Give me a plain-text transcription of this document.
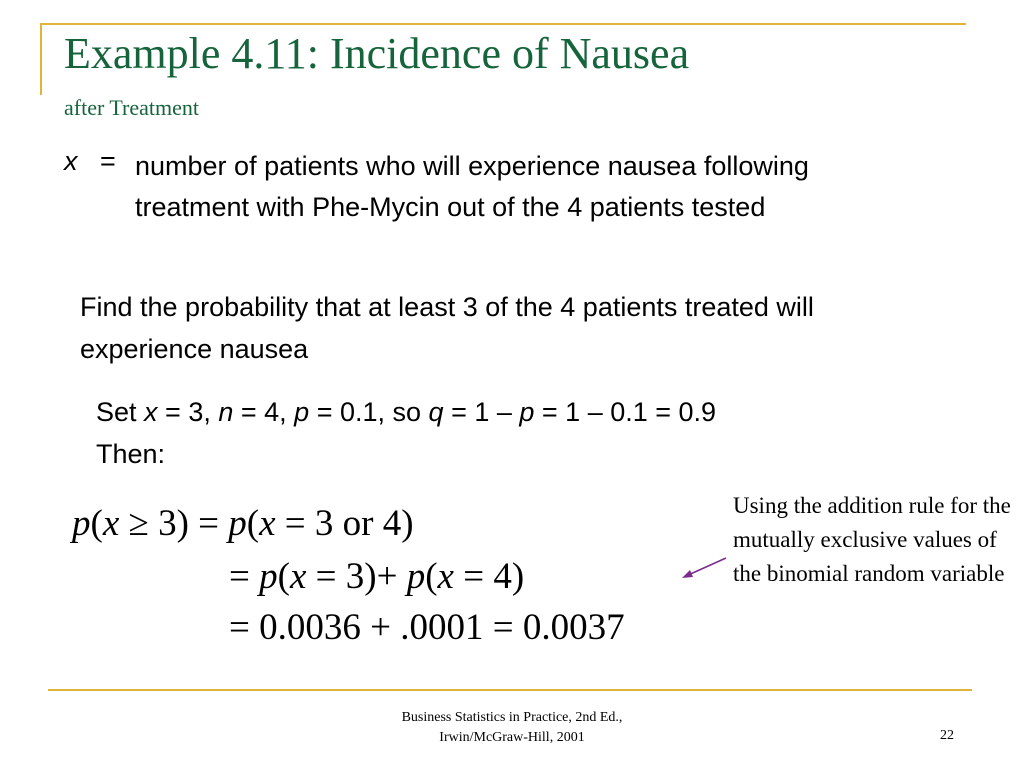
Example 4.11: Incidence of Nausea
after Treatment
x = number of patients who will experience nausea following treatment with Phe-Mycin out of the 4 patients tested
Find the probability that at least 3 of the 4 patients treated will experience nausea
Set x = 3, n = 4, p = 0.1, so q = 1 – p = 1 – 0.1 = 0.9
Then:
p(x ≥ 3) = p(x = 3 or 4)
= p(x = 3)+ p(x = 4)
= 0.0036 + .0001 = 0.0037
Using the addition rule for the mutually exclusive values of the binomial random variable
Business Statistics in Practice, 2nd Ed.,
Irwin/McGraw-Hill, 2001	22
